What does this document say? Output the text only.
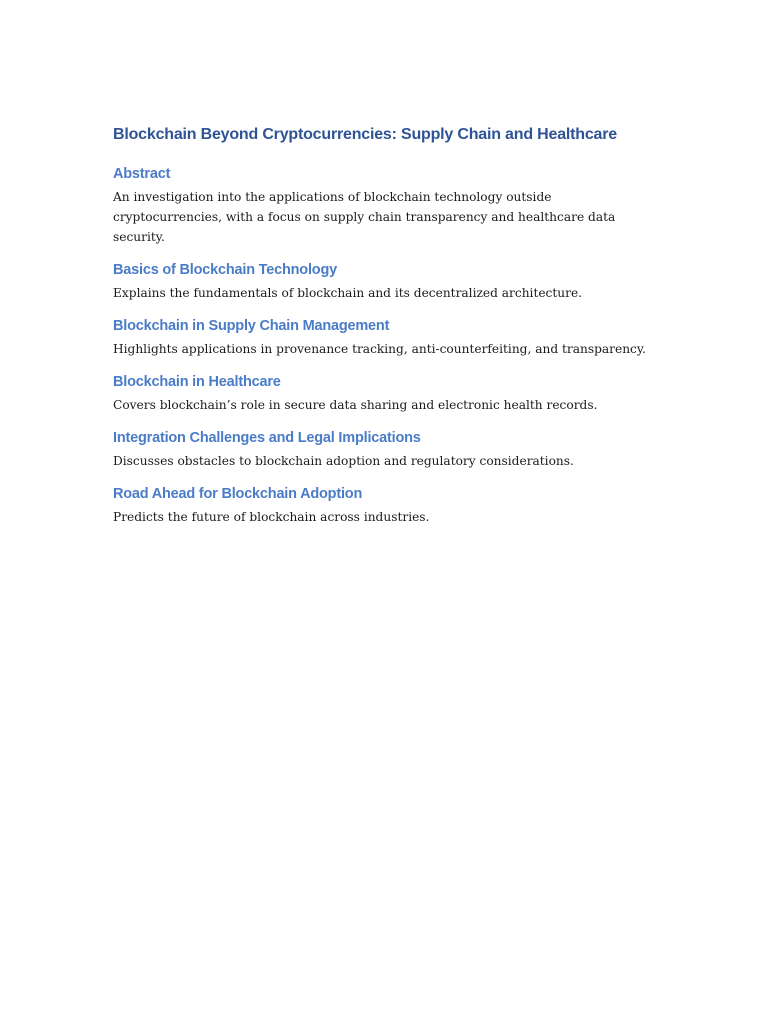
Blockchain Beyond Cryptocurrencies: Supply Chain and Healthcare
Abstract

An investigation into the applications of blockchain technology outside cryptocurrencies, with a focus on supply chain transparency and healthcare data security.

Basics of Blockchain Technology

Explains the fundamentals of blockchain and its decentralized architecture.

Blockchain in Supply Chain Management

Highlights applications in provenance tracking, anti-counterfeiting, and transparency.

Blockchain in Healthcare

Covers blockchain’s role in secure data sharing and electronic health records.

Integration Challenges and Legal Implications

Discusses obstacles to blockchain adoption and regulatory considerations.

Road Ahead for Blockchain Adoption

Predicts the future of blockchain across industries.
